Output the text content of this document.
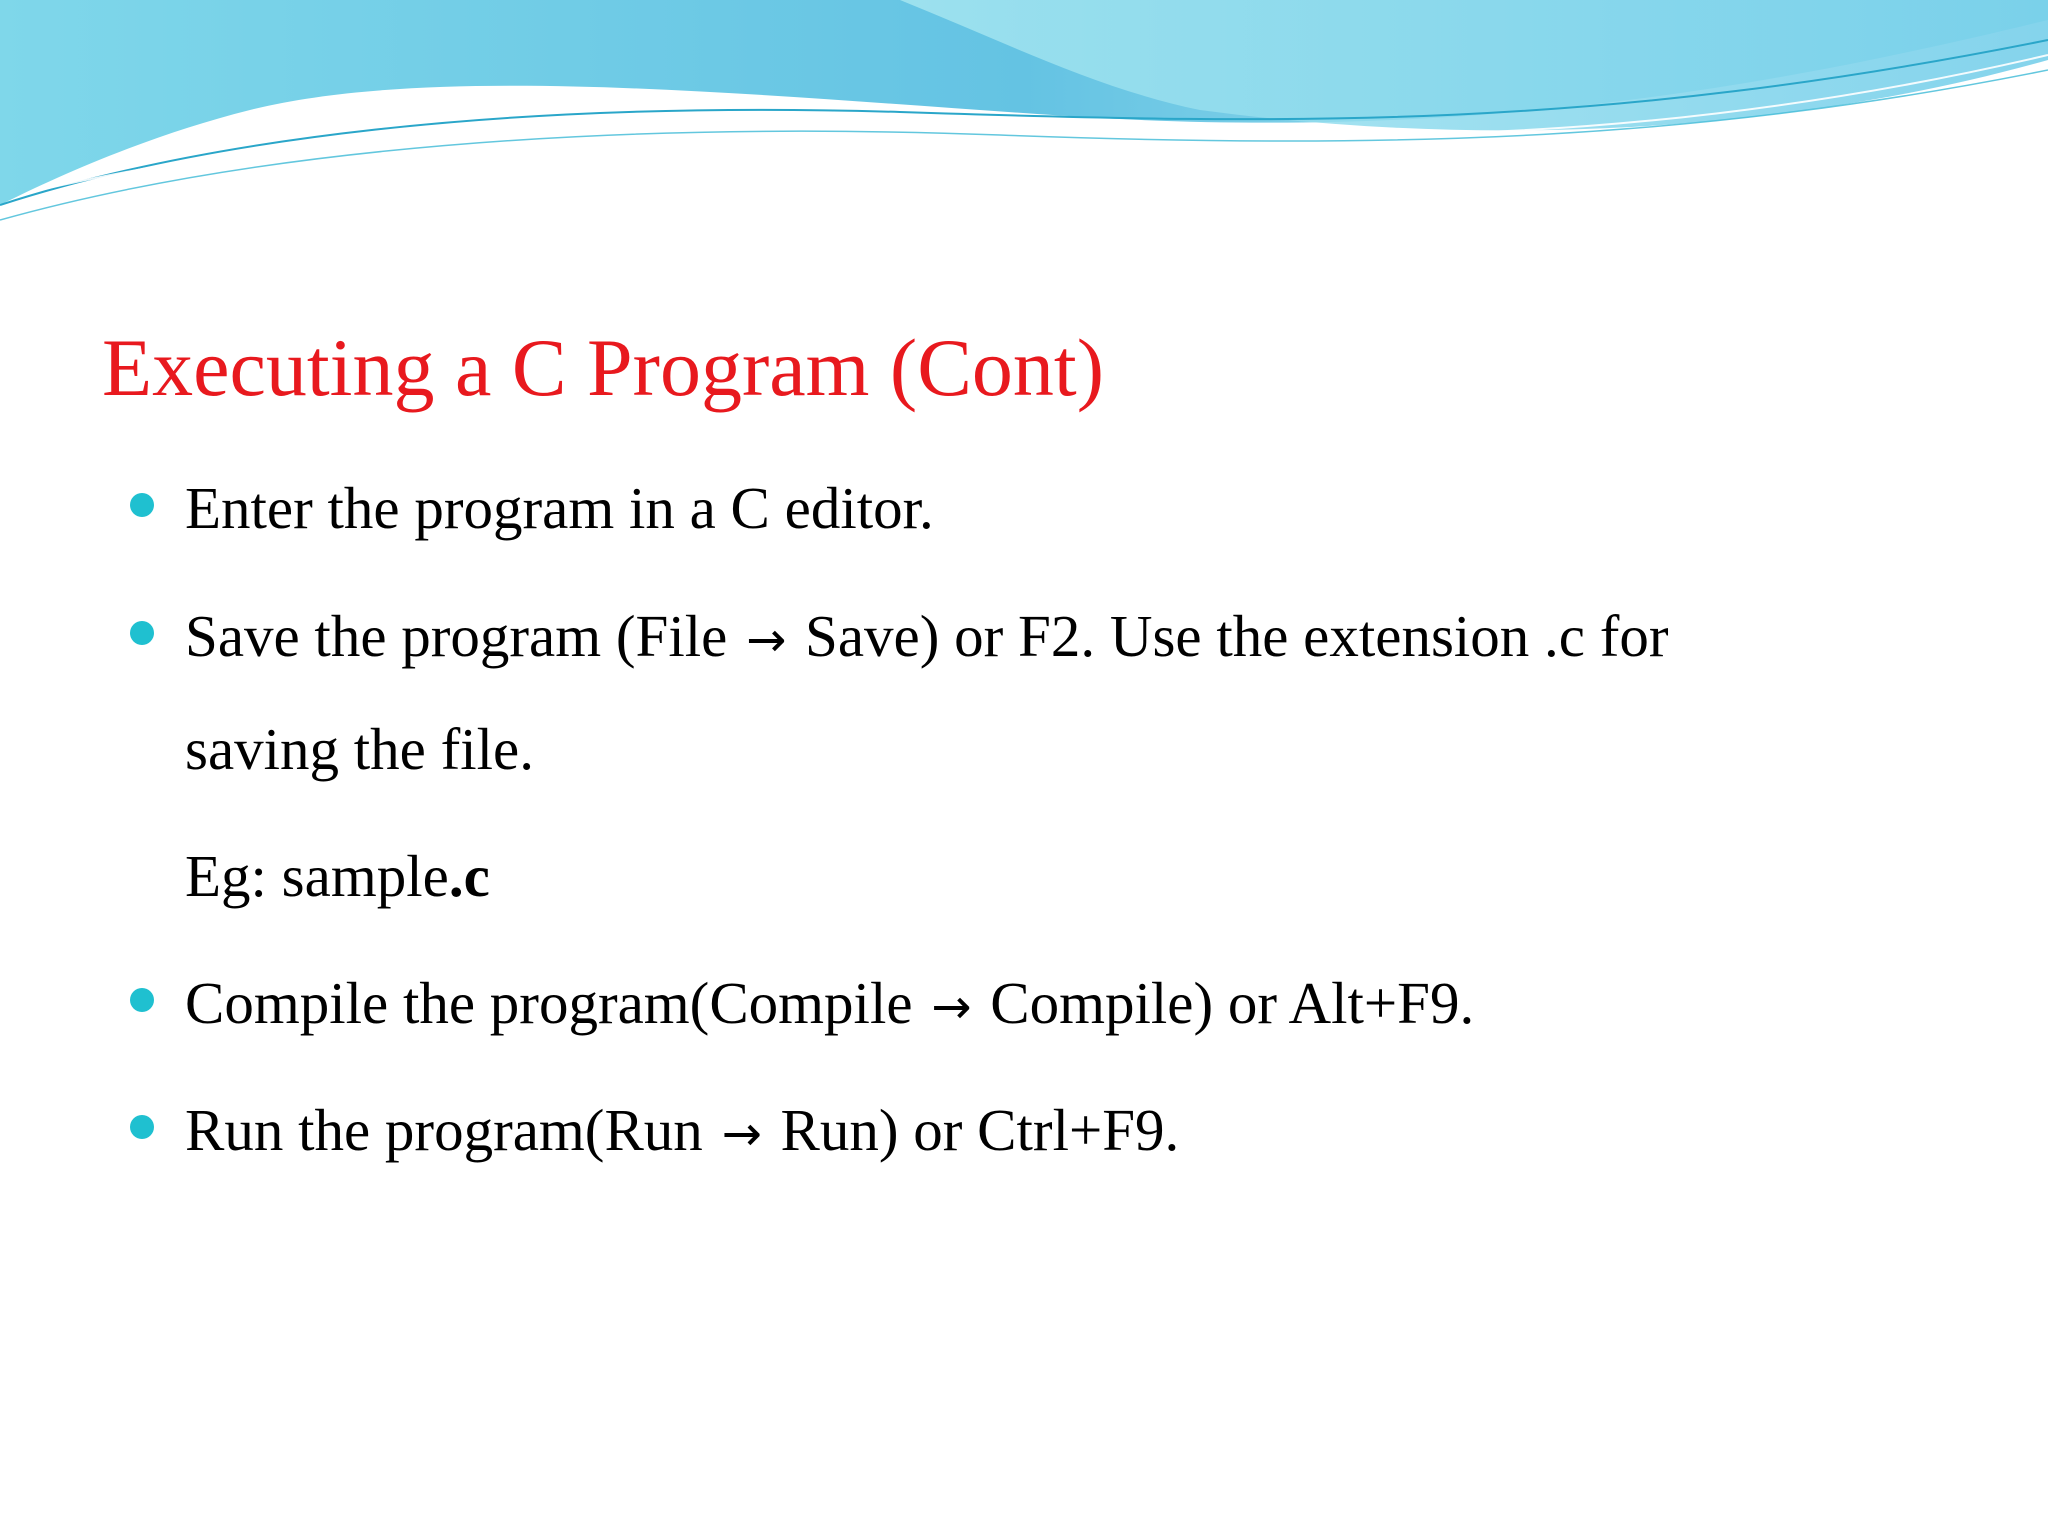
Executing a C Program (Cont)
Enter the program in a C editor.
Save the program (File → Save) or F2. Use the extension .c for
saving the file.
Eg: sample.c
Compile the program(Compile → Compile) or Alt+F9.
Run the program(Run → Run) or Ctrl+F9.
